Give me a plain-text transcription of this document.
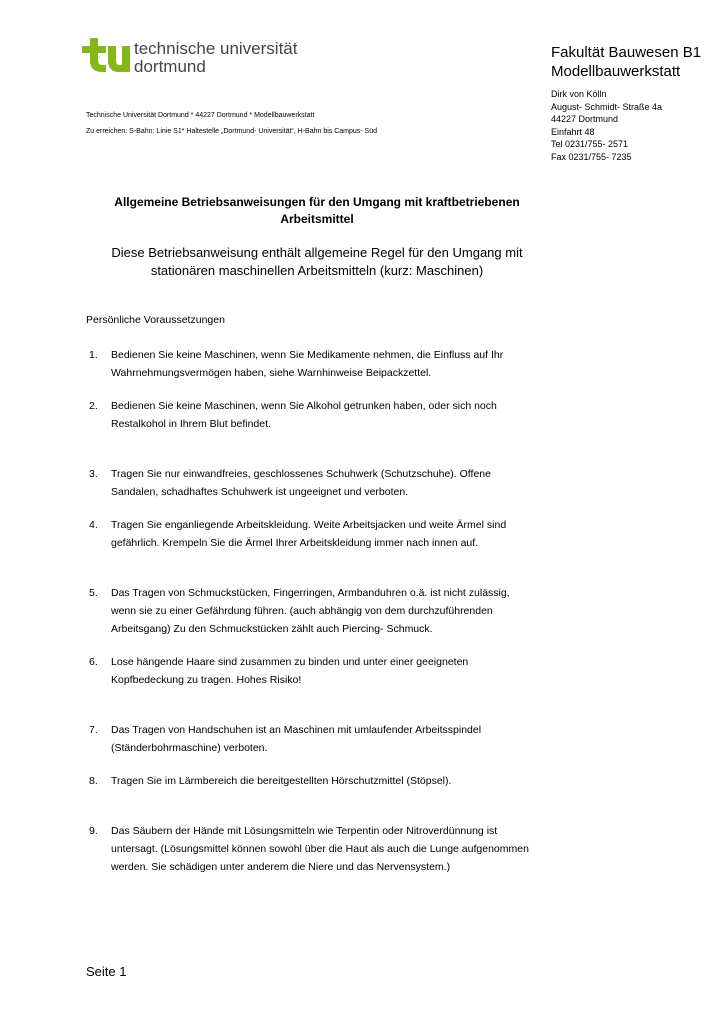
technische universität
dortmund
Technische Universität Dortmund * 44227 Dortmund * Modellbauwerkstatt
Zu erreichen: S-Bahn: Linie S1* Haltestelle „Dortmund- Universität“, H-Bahn bis Campus- Süd
Fakultät Bauwesen B1
Modellbauwerkstatt
Dirk von Kölln
August- Schmidt- Straße 4a
44227 Dortmund
Einfahrt 48
Tel 0231/755- 2571
Fax 0231/755- 7235
Allgemeine Betriebsanweisungen für den Umgang mit kraftbetriebenen
Arbeitsmittel
Diese Betriebsanweisung enthält allgemeine Regel für den Umgang mit
stationären maschinellen Arbeitsmitteln (kurz: Maschinen)
Persönliche Voraussetzungen
1.	Bedienen Sie keine Maschinen, wenn Sie Medikamente nehmen, die Einfluss auf Ihr
Wahrnehmungsvermögen haben, siehe Warnhinweise Beipackzettel.
2.	Bedienen Sie keine Maschinen, wenn Sie Alkohol getrunken haben, oder sich noch
Restalkohol in Ihrem Blut befindet.
3.	Tragen Sie nur einwandfreies, geschlossenes Schuhwerk (Schutzschuhe). Offene
Sandalen, schadhaftes Schuhwerk ist ungeeignet und verboten.
4.	Tragen Sie enganliegende Arbeitskleidung. Weite Arbeitsjacken und weite Ärmel sind
gefährlich. Krempeln Sie die Ärmel Ihrer Arbeitskleidung immer nach innen auf.
5.	Das Tragen von Schmuckstücken, Fingerringen, Armbanduhren o.ä. ist nicht zulässig,
wenn sie zu einer Gefährdung führen. (auch abhängig von dem durchzuführenden
Arbeitsgang) Zu den Schmuckstücken zählt auch Piercing- Schmuck.
6.	Lose hängende Haare sind zusammen zu binden und unter einer geeigneten
Kopfbedeckung zu tragen. Hohes Risiko!
7.	Das Tragen von Handschuhen ist an Maschinen mit umlaufender Arbeitsspindel
(Ständerbohrmaschine) verboten.
8.	Tragen Sie im Lärmbereich die bereitgestellten Hörschutzmittel (Stöpsel).
9.	Das Säubern der Hände mit Lösungsmitteln wie Terpentin oder Nitroverdünnung ist
untersagt. (Lösungsmittel können sowohl über die Haut als auch die Lunge aufgenommen
werden. Sie schädigen unter anderem die Niere und das Nervensystem.)
Seite 1
